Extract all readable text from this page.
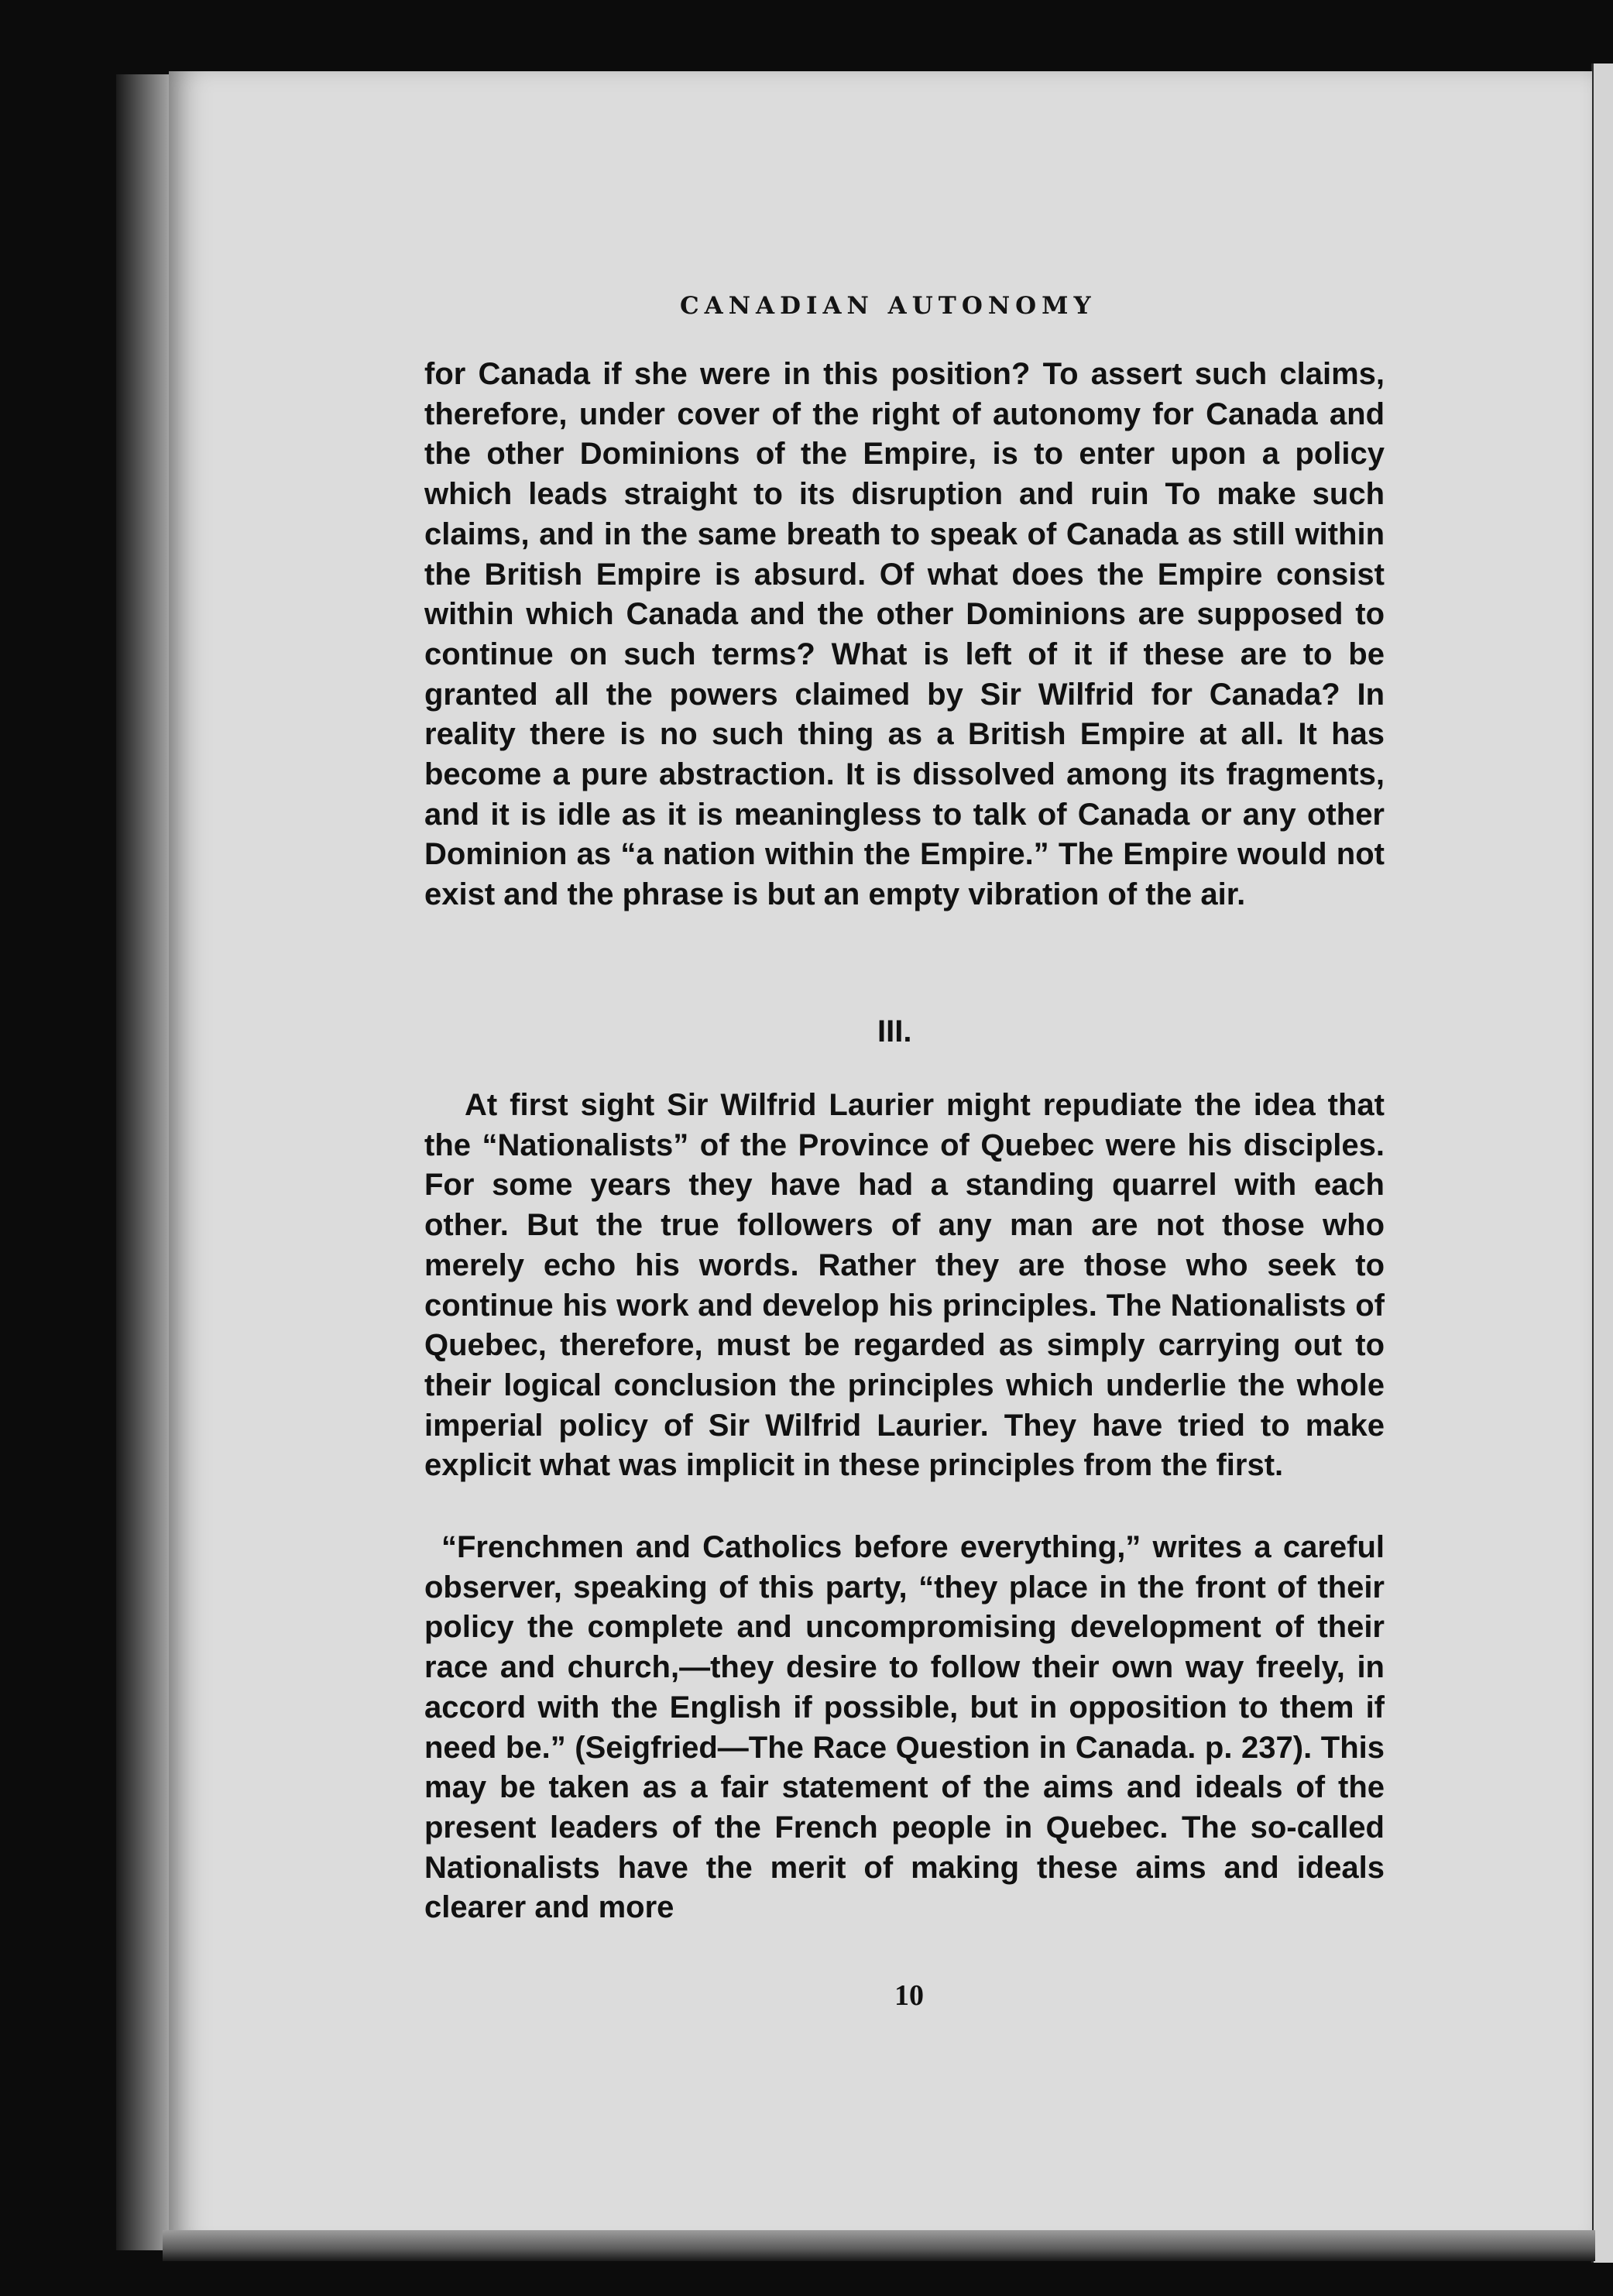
CANADIAN AUTONOMY
for Canada if she were in this position? To assert such claims, therefore, under cover of the right of autonomy for Canada and the other Dominions of the Empire, is to enter upon a policy which leads straight to its disruption and ruin To make such claims, and in the same breath to speak of Canada as still within the British Empire is absurd. Of what does the Empire consist within which Canada and the other Dominions are supposed to continue on such terms? What is left of it if these are to be granted all the powers claimed by Sir Wilfrid for Canada? In reality there is no such thing as a British Empire at all. It has become a pure abstraction. It is dissolved among its fragments, and it is idle as it is meaningless to talk of Canada or any other Dominion as “a nation within the Empire.” The Empire would not exist and the phrase is but an empty vibration of the air.
III.
At first sight Sir Wilfrid Laurier might repudiate the idea that the “Nationalists” of the Province of Quebec were his disciples. For some years they have had a standing quarrel with each other. But the true followers of any man are not those who merely echo his words. Rather they are those who seek to continue his work and develop his principles. The Nationalists of Quebec, therefore, must be regarded as simply carrying out to their logical conclusion the principles which underlie the whole imperial policy of Sir Wilfrid Laurier. They have tried to make explicit what was implicit in these principles from the first.
“Frenchmen and Catholics before everything,” writes a careful observer, speaking of this party, “they place in the front of their policy the complete and uncompromising development of their race and church,—they desire to follow their own way freely, in accord with the English if possible, but in opposition to them if need be.” (Seigfried—The Race Question in Canada. p. 237). This may be taken as a fair statement of the aims and ideals of the present leaders of the French people in Quebec. The so-called Nationalists have the merit of making these aims and ideals clearer and more
10
